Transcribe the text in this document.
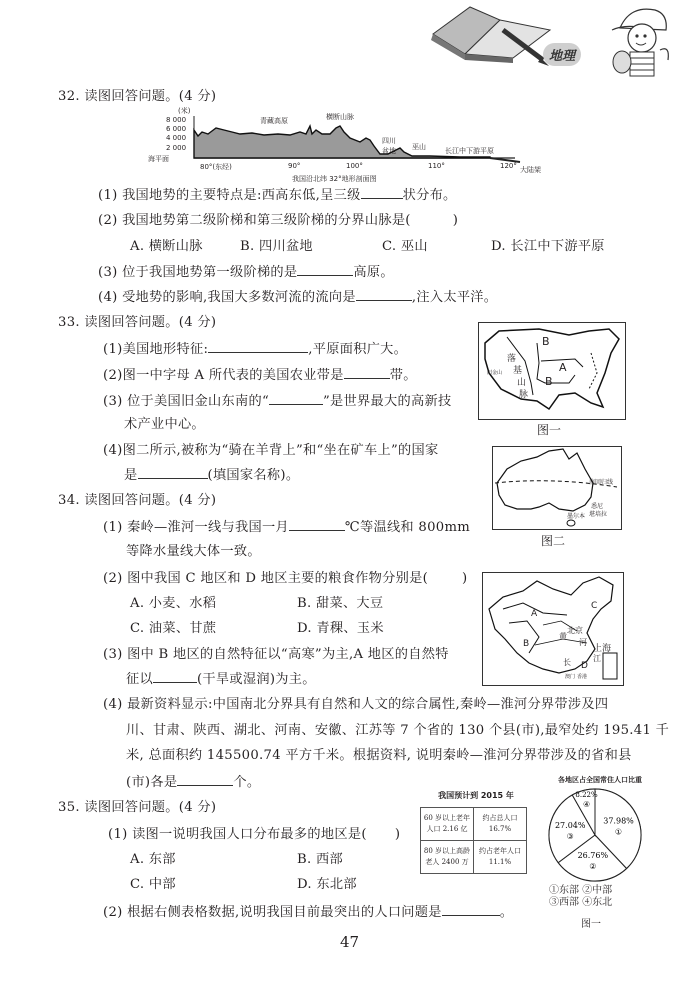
地理
32. 读图回答问题。(4 分)
(米)
8 000
6 000
4 000
2 000
海平面
80°(东经)	90°	100°	110°	120°
青藏高原	横断山脉
四川
盆地 巫山	长江中下游平原
大陆架
我国沿北纬 32°地形剖面图
(1) 我国地势的主要特点是:西高东低,呈三级	状分布。
(2) 我国地势第二级阶梯和第三级阶梯的分界山脉是(	)
A. 横断山脉	B. 四川盆地	C. 巫山	D. 长江中下游平原
(3) 位于我国地势第一级阶梯的是	高原。
(4) 受地势的影响,我国大多数河流的流向是	,注入太平洋。
33. 读图回答问题。(4 分)
(1)美国地形特征:	,平原面积广大。
(2)图一中字母 A 所代表的美国农业带是	带。
(3) 位于美国旧金山东南的“	”是世界最大的高新技
术产业中心。
(4)图二所示,被称为“骑在羊背上”和“坐在矿车上”的国家
是	(填国家名称)。
B
A
B
落
基
山
脉
旧金山
图一
南回归线
悉尼
墨尔本 堪培拉
图二
34. 读图回答问题。(4 分)
(1) 秦岭—淮河一线与我国一月	℃等温线和 800mm
等降水量线大体一致。
(2) 图中我国 C 地区和 D 地区主要的粮食作物分别是(	)
A. 小麦、水稻	B. 甜菜、大豆
C. 油菜、甘蔗	D. 青稞、玉米
(3) 图中 B 地区的自然特征以“高寒”为主,A 地区的自然特
征以	(干旱或湿润)为主。
A
B
C
D
北京
黄
河
长	江
上海
澳门 香港
(4) 最新资料显示:中国南北分界具有自然和人文的综合属性,秦岭—淮河分界带涉及四
川、甘肃、陕西、湖北、河南、安徽、江苏等 7 个省的 130 个县(市),最窄处约 195.41 千
米, 总面积约 145500.74 平方千米。根据资料, 说明秦岭—淮河分界带涉及的省和县
(市)各是	个。
35. 读图回答问题。(4 分)
(1) 读图一说明我国人口分布最多的地区是( )
A. 东部	B. 西部
C. 中部	D. 东北部
(2) 根据右侧表格数据,说明我国目前最突出的人口问题是	。
我国预计到 2015 年
60 岁以上老年人口 2.16 亿	约占总人口 16.7%
80 岁以上高龄老人 2400 万	约占老年人口 11.1%
各地区占全国常住人口比重
37.98%
①
26.76%
②
27.04%
③
8.22%
④
①东部 ②中部
③西部 ④东北
图一
47
